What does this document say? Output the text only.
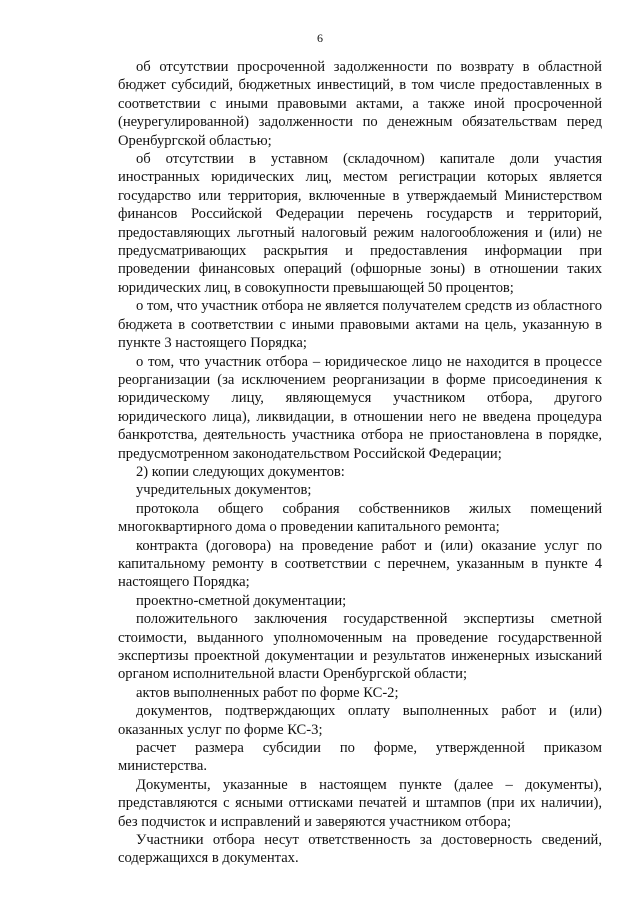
6

об отсутствии просроченной задолженности по возврату в областной бюджет субсидий, бюджетных инвестиций, в том числе предоставленных в соответствии с иными правовыми актами, а также иной просроченной (неурегулированной) задолженности по денежным обязательствам перед Оренбургской областью;

об отсутствии в уставном (складочном) капитале доли участия иностранных юридических лиц, местом регистрации которых является государство или территория, включенные в утверждаемый Министерством финансов Российской Федерации перечень государств и территорий, предоставляющих льготный налоговый режим налогообложения и (или) не предусматривающих раскрытия и предоставления информации при проведении финансовых операций (офшорные зоны) в отношении таких юридических лиц, в совокупности превышающей 50 процентов;

о том, что участник отбора не является получателем средств из областного бюджета в соответствии с иными правовыми актами на цель, указанную в пункте 3 настоящего Порядка;

о том, что участник отбора – юридическое лицо не находится в процессе реорганизации (за исключением реорганизации в форме присоединения к юридическому лицу, являющемуся участником отбора, другого юридического лица), ликвидации, в отношении него не введена процедура банкротства, деятельность участника отбора не приостановлена в порядке, предусмотренном законодательством Российской Федерации;

2) копии следующих документов:

учредительных документов;

протокола общего собрания собственников жилых помещений многоквартирного дома о проведении капитального ремонта;

контракта (договора) на проведение работ и (или) оказание услуг по капитальному ремонту в соответствии с перечнем, указанным в пункте 4 настоящего Порядка;

проектно-сметной документации;

положительного заключения государственной экспертизы сметной стоимости, выданного уполномоченным на проведение государственной экспертизы проектной документации и результатов инженерных изысканий органом исполнительной власти Оренбургской области;

актов выполненных работ по форме КС-2;

документов, подтверждающих оплату выполненных работ и (или) оказанных услуг по форме КС-3;

расчет размера субсидии по форме, утвержденной приказом министерства.

Документы, указанные в настоящем пункте (далее – документы), представляются с ясными оттисками печатей и штампов (при их наличии), без подчисток и исправлений и заверяются участником отбора;

Участники отбора несут ответственность за достоверность сведений, содержащихся в документах.
